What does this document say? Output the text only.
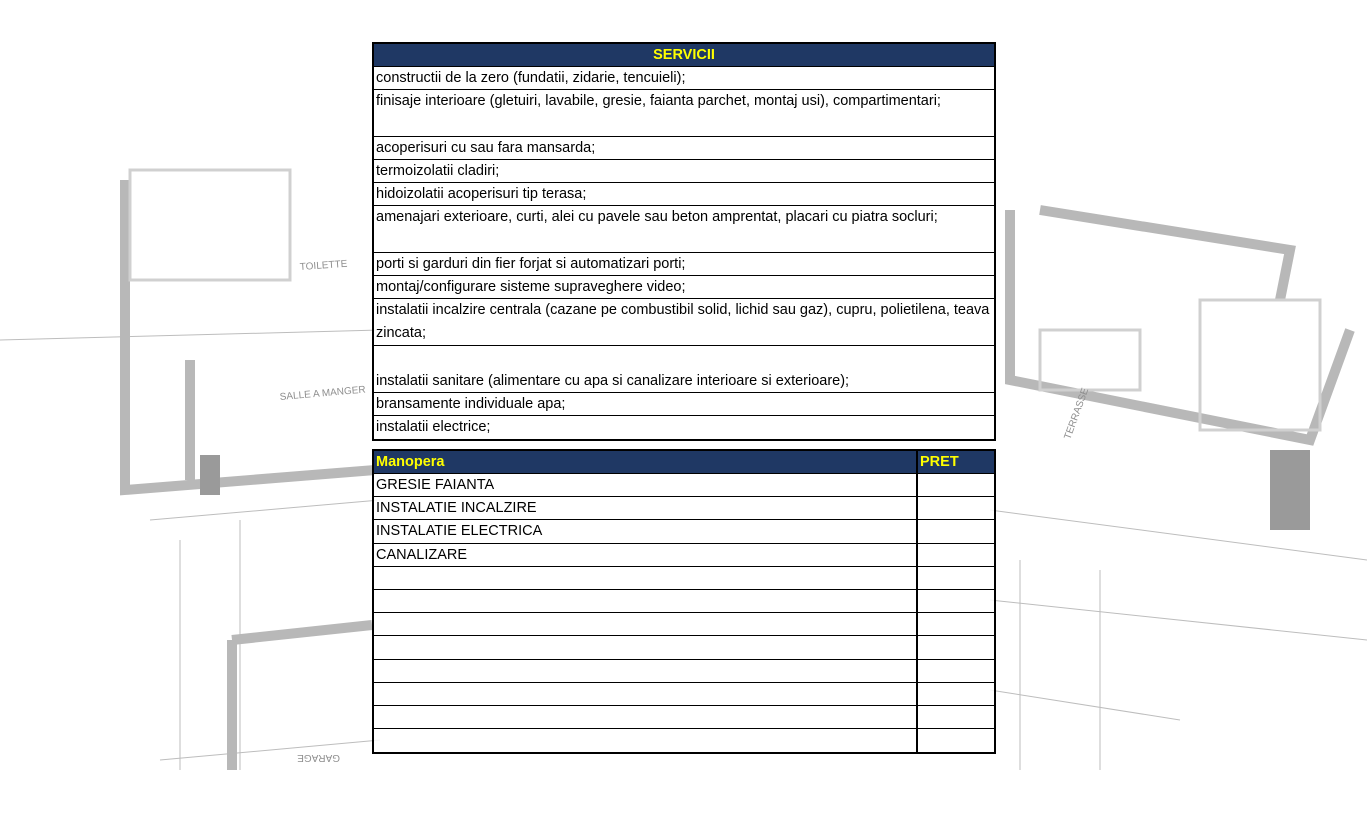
TOILETTE
SALLE A MANGER	TERRASSE
GARAGE
SERVICII
constructii de la zero (fundatii, zidarie, tencuieli);
finisaje interioare (gletuiri, lavabile, gresie, faianta parchet, montaj usi), compartimentari;
acoperisuri cu sau fara mansarda;
termoizolatii cladiri;
hidoizolatii acoperisuri tip terasa;
amenajari exterioare, curti, alei cu pavele sau beton amprentat, placari cu piatra socluri;
porti si garduri din fier forjat si automatizari porti;
montaj/configurare sisteme supraveghere video;
instalatii incalzire centrala (cazane pe combustibil solid, lichid sau gaz), cupru, polietilena, teava zincata;
instalatii sanitare (alimentare cu apa si canalizare interioare si exterioare);
bransamente individuale apa;
instalatii electrice;
Manopera	PRET
GRESIE FAIANTA
INSTALATIE INCALZIRE
INSTALATIE ELECTRICA
CANALIZARE
